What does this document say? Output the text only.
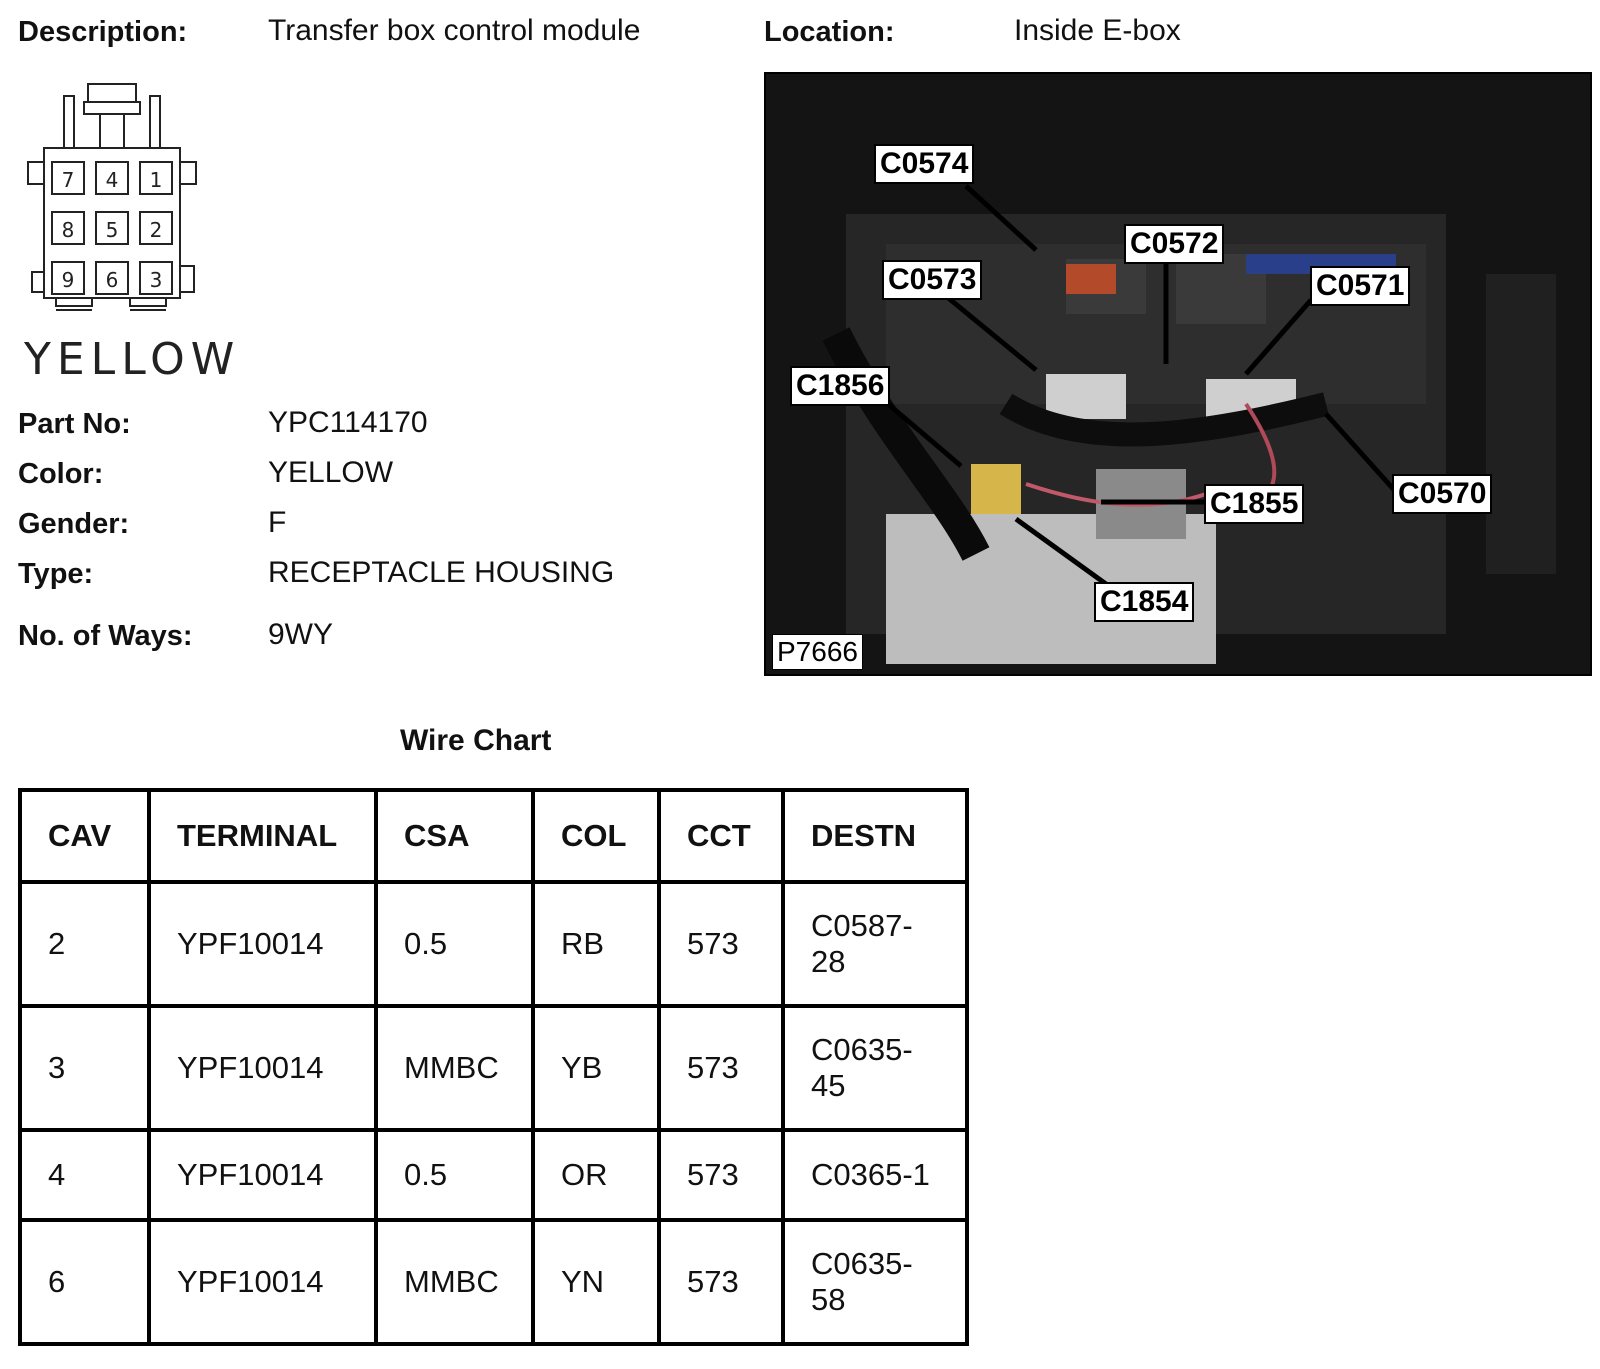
Description:	Transfer box control module	Location:	Inside E-box
7 4 1
8 5 2
9 6 3
YELLOW
Part No:	YPC114170
Color:	YELLOW
Gender:	F
Type:	RECEPTACLE HOUSING
No. of Ways:	9WY
C0574
C0572
C0573	C0571
C1856
C1855	C0570
C1854
P7666
Wire Chart
CAV	TERMINAL	CSA	COL	CCT	DESTN
2	YPF10014	0.5	RB	573	C0587-
28

3	YPF10014	MMBC	YB	573	C0635-
45

4	YPF10014	0.5	OR	573	C0365-1
6	YPF10014	MMBC	YN	573	C0635-
58
